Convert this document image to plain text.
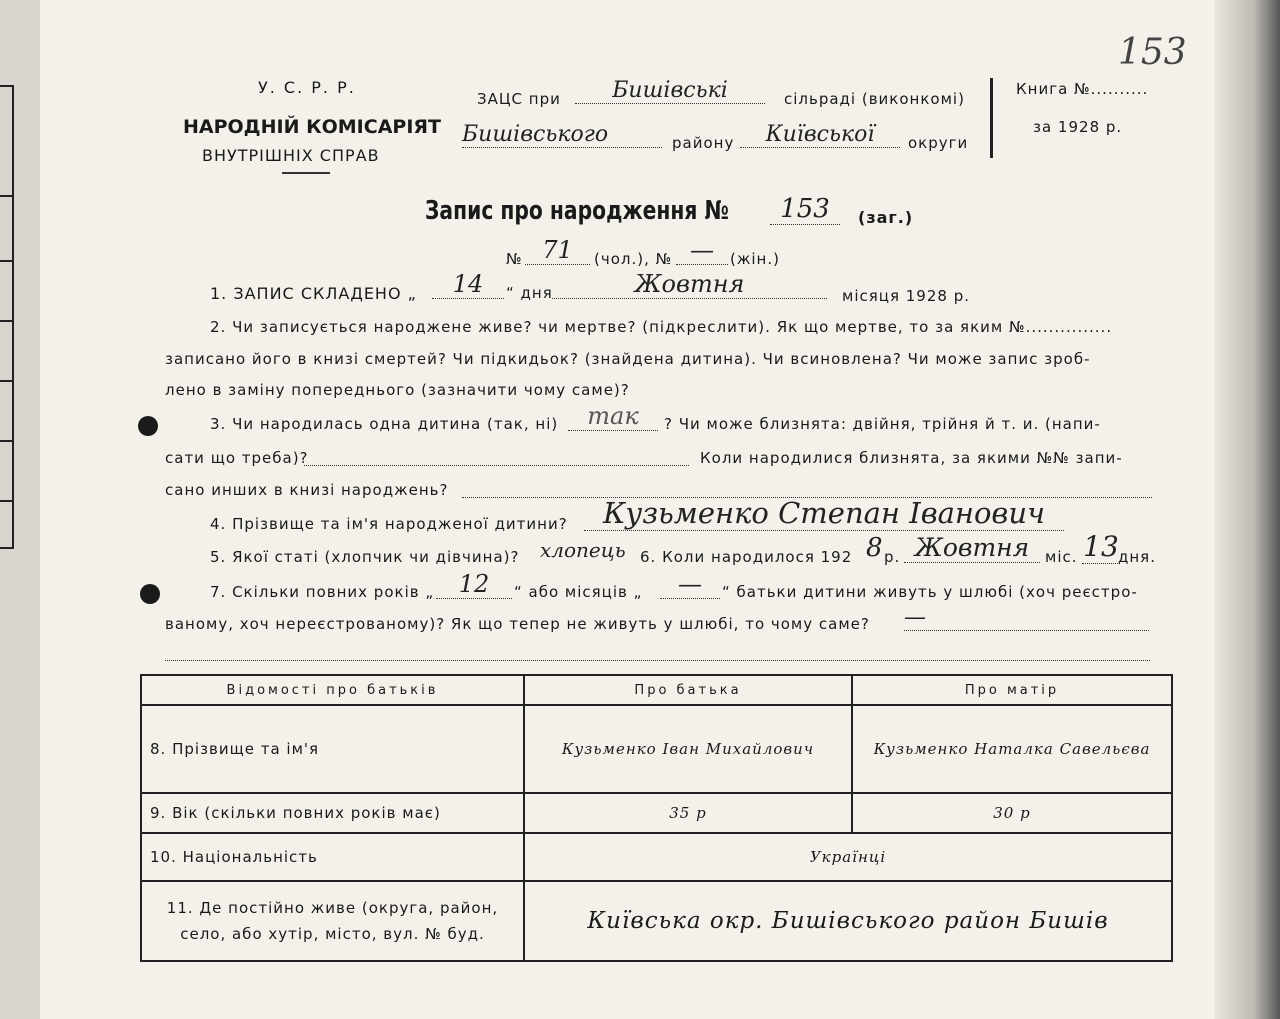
У. С. Р. Р.
НАРОДНІЙ КОМІСАРІЯТ
ВНУТРІШНІХ СПРАВ
ЗАЦС при	Бишівські	сільраді (виконкомі)
Бишівського	району	Київської	округи
Книга №..........
за 1928 р.
153
Запис про народження №	153	(заг.)
№ 71	(чол.), № —	(жін.)
1. ЗАПИС СКЛАДЕНО „	14	“ дня	Жовтня	місяця 1928 р.
2. Чи записується народжене живе? чи мертве? (підкреслити). Як що мертве, то за яким №...............
записано його в книзі смертей? Чи підкидьок? (знайдена дитина). Чи всиновлена? Чи може запис зроб-
лено в заміну попереднього (зазначити чому саме)?
3. Чи народилась одна дитина (так, ні)	так	? Чи може близнята: двійня, трійня й т. и. (напи-
сати що треба)?	Коли народилися близнята, за якими №№ запи-
сано инших в книзі народжень?
4. Прізвище та ім'я народженої дитини?	Кузьменко Степан Іванович
5. Якої статі (хлопчик чи дівчина)? хлопець 6. Коли народилося 192 8 р. Жовтня	міс. 13 дня.
7. Скільки повних років „	12	“ або місяців „	—	“ батьки дитини живуть у шлюбі (хоч реєстро-
ваному, хоч нереєстрованому)? Як що тепер не живуть у шлюбі, то чому саме? —
Відомості про батьків	Про батька	Про матір
8. Прізвище та ім'я	Кузьменко Іван Михайлович	Кузьменко Наталка Савельєва
9. Вік (скільки повних років має)	35 р	30 р
10. Національність	Українці	
11. Де постійно живе (округа, район, село, або хутір, місто, вул. № буд.	Київська окр. Бишівського район Бишів	
